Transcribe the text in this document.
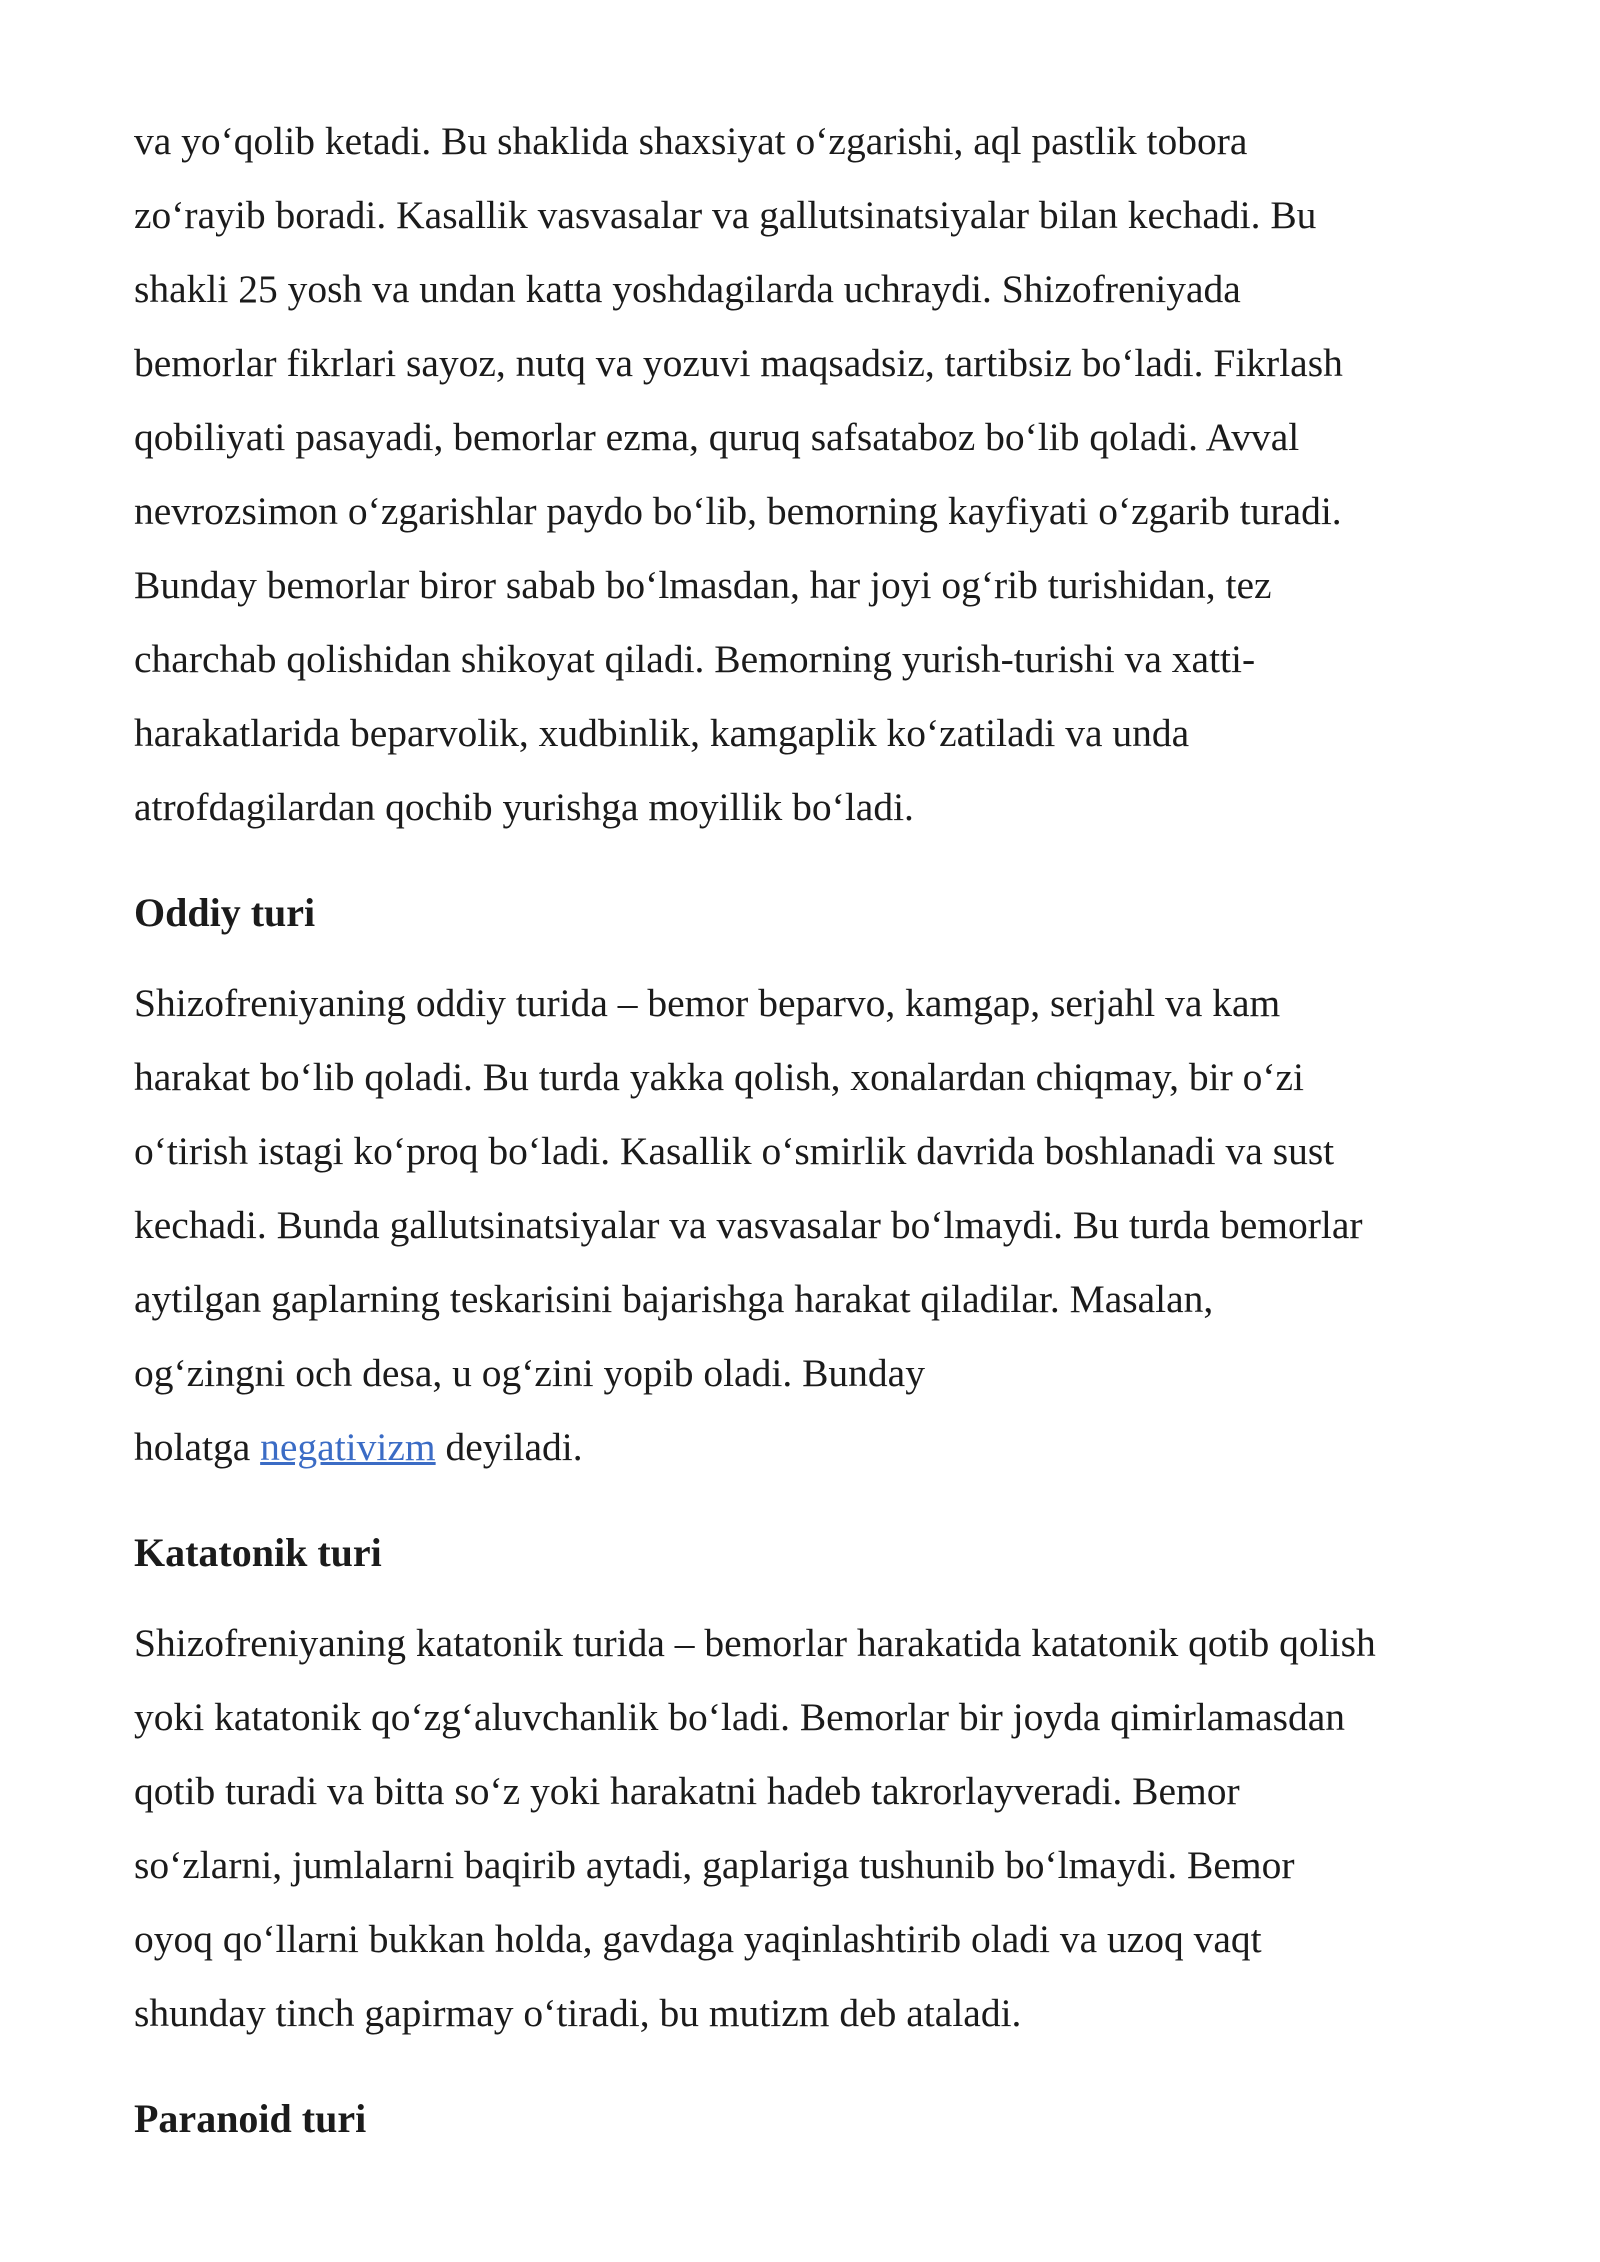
va yo‘qolib ketadi. Bu shaklida shaxsiyat o‘zgarishi, aql pastlik tobora
zo‘rayib boradi. Kasallik vasvasalar va gallutsinatsiyalar bilan kechadi. Bu
shakli 25 yosh va undan katta yoshdagilarda uchraydi. Shizofreniyada
bemorlar fikrlari sayoz, nutq va yozuvi maqsadsiz, tartibsiz bo‘ladi. Fikrlash
qobiliyati pasayadi, bemorlar ezma, quruq safsataboz bo‘lib qoladi. Avval
nevrozsimon o‘zgarishlar paydo bo‘lib, bemorning kayfiyati o‘zgarib turadi.
Bunday bemorlar biror sabab bo‘lmasdan, har joyi og‘rib turishidan, tez
charchab qolishidan shikoyat qiladi. Bemorning yurish-turishi va xatti-
harakatlarida beparvolik, xudbinlik, kamgaplik ko‘zatiladi va unda
atrofdagilardan qochib yurishga moyillik bo‘ladi.

Oddiy turi

Shizofreniyaning oddiy turida – bemor beparvo, kamgap, serjahl va kam
harakat bo‘lib qoladi. Bu turda yakka qolish, xonalardan chiqmay, bir o‘zi
o‘tirish istagi ko‘proq bo‘ladi. Kasallik o‘smirlik davrida boshlanadi va sust
kechadi. Bunda gallutsinatsiyalar va vasvasalar bo‘lmaydi. Bu turda bemorlar
aytilgan gaplarning teskarisini bajarishga harakat qiladilar. Masalan,
og‘zingni och desa, u og‘zini yopib oladi. Bunday
holatga negativizm deyiladi.

Katatonik turi

Shizofreniyaning katatonik turida – bemorlar harakatida katatonik qotib qolish
yoki katatonik qo‘zg‘aluvchanlik bo‘ladi. Bemorlar bir joyda qimirlamasdan
qotib turadi va bitta so‘z yoki harakatni hadeb takrorlayveradi. Bemor
so‘zlarni, jumlalarni baqirib aytadi, gaplariga tushunib bo‘lmaydi. Bemor
oyoq qo‘llarni bukkan holda, gavdaga yaqinlashtirib oladi va uzoq vaqt
shunday tinch gapirmay o‘tiradi, bu mutizm deb ataladi.

Paranoid turi
